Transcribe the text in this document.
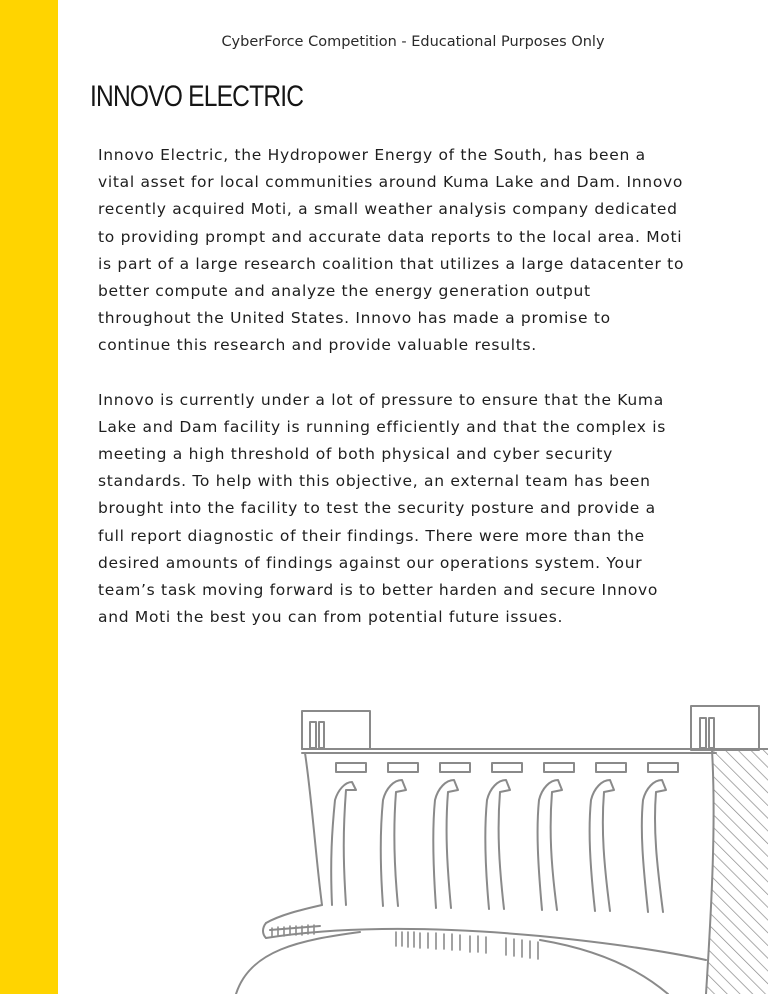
CyberForce Competition - Educational Purposes Only
INNOVO ELECTRIC

Innovo Electric, the Hydropower Energy of the South, has been a vital asset for local communities around Kuma Lake and Dam. Innovo recently acquired Moti, a small weather analysis company dedicated to providing prompt and accurate data reports to the local area. Moti is part of a large research coalition that utilizes a large datacenter to better compute and analyze the energy generation output throughout the United States. Innovo has made a promise to continue this research and provide valuable results.

Innovo is currently under a lot of pressure to ensure that the Kuma Lake and Dam facility is running efficiently and that the complex is meeting a high threshold of both physical and cyber security standards. To help with this objective, an external team has been brought into the facility to test the security posture and provide a full report diagnostic of their findings. There were more than the desired amounts of findings against our operations system. Your team’s task moving forward is to better harden and secure Innovo and Moti the best you can from potential future issues.
